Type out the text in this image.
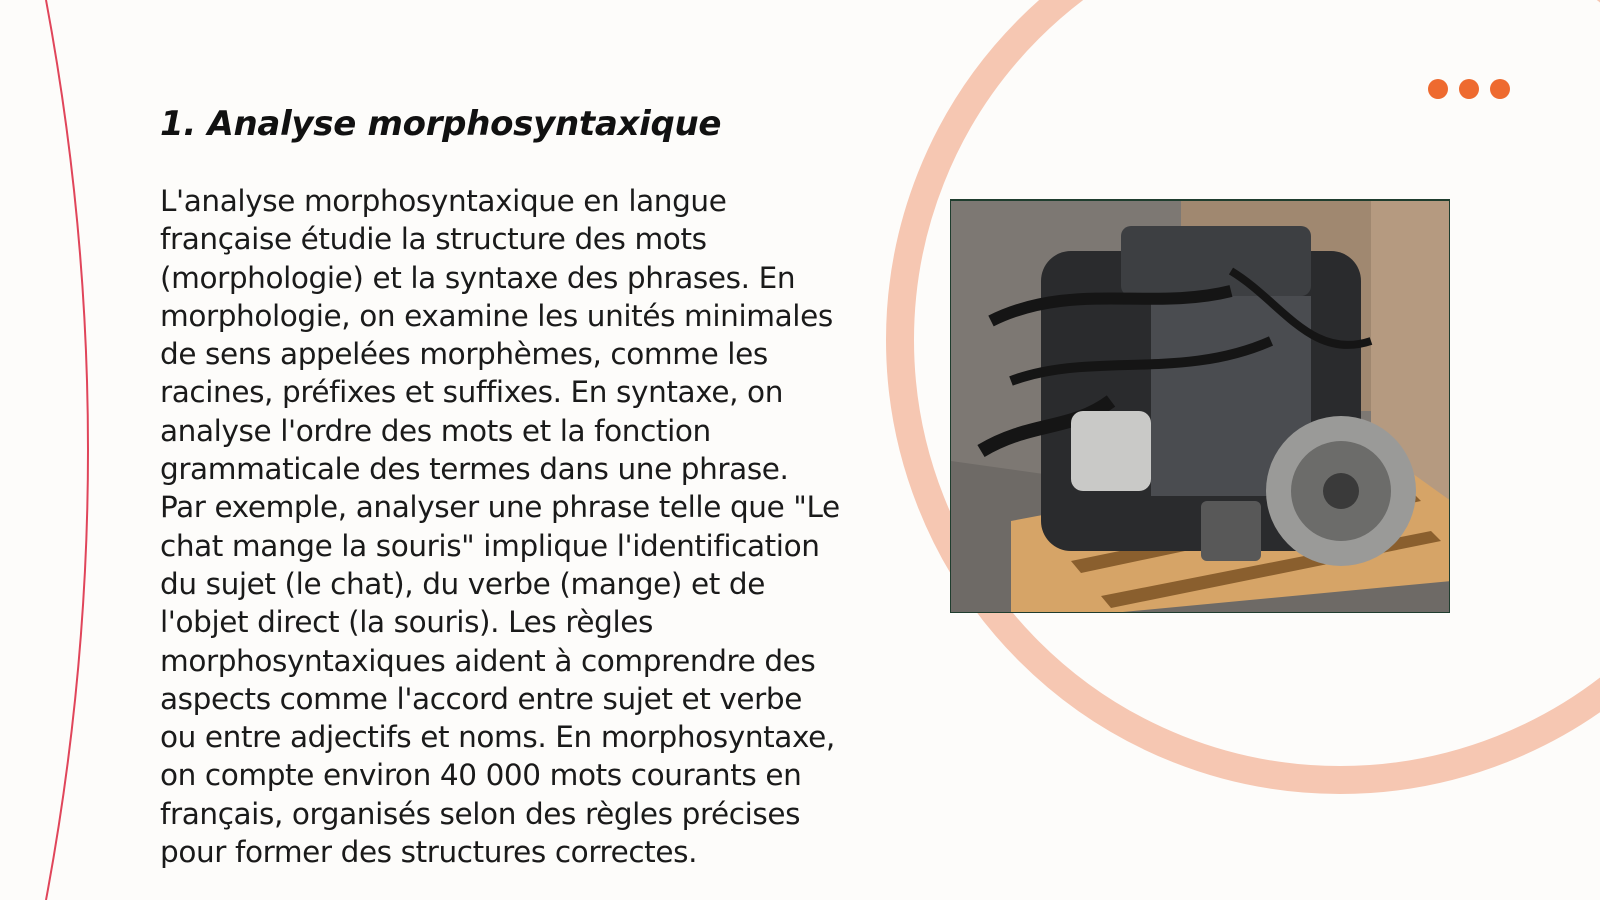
1. Analyse morphosyntaxique

L'analyse morphosyntaxique en langue française étudie la structure des mots (morphologie) et la syntaxe des phrases. En morphologie, on examine les unités minimales de sens appelées morphèmes, comme les racines, préfixes et suffixes. En syntaxe, on analyse l'ordre des mots et la fonction grammaticale des termes dans une phrase. Par exemple, analyser une phrase telle que "Le chat mange la souris" implique l'identification du sujet (le chat), du verbe (mange) et de l'objet direct (la souris). Les règles morphosyntaxiques aident à comprendre des aspects comme l'accord entre sujet et verbe ou entre adjectifs et noms. En morphosyntaxe, on compte environ 40 000 mots courants en français, organisés selon des règles précises pour former des structures correctes.
